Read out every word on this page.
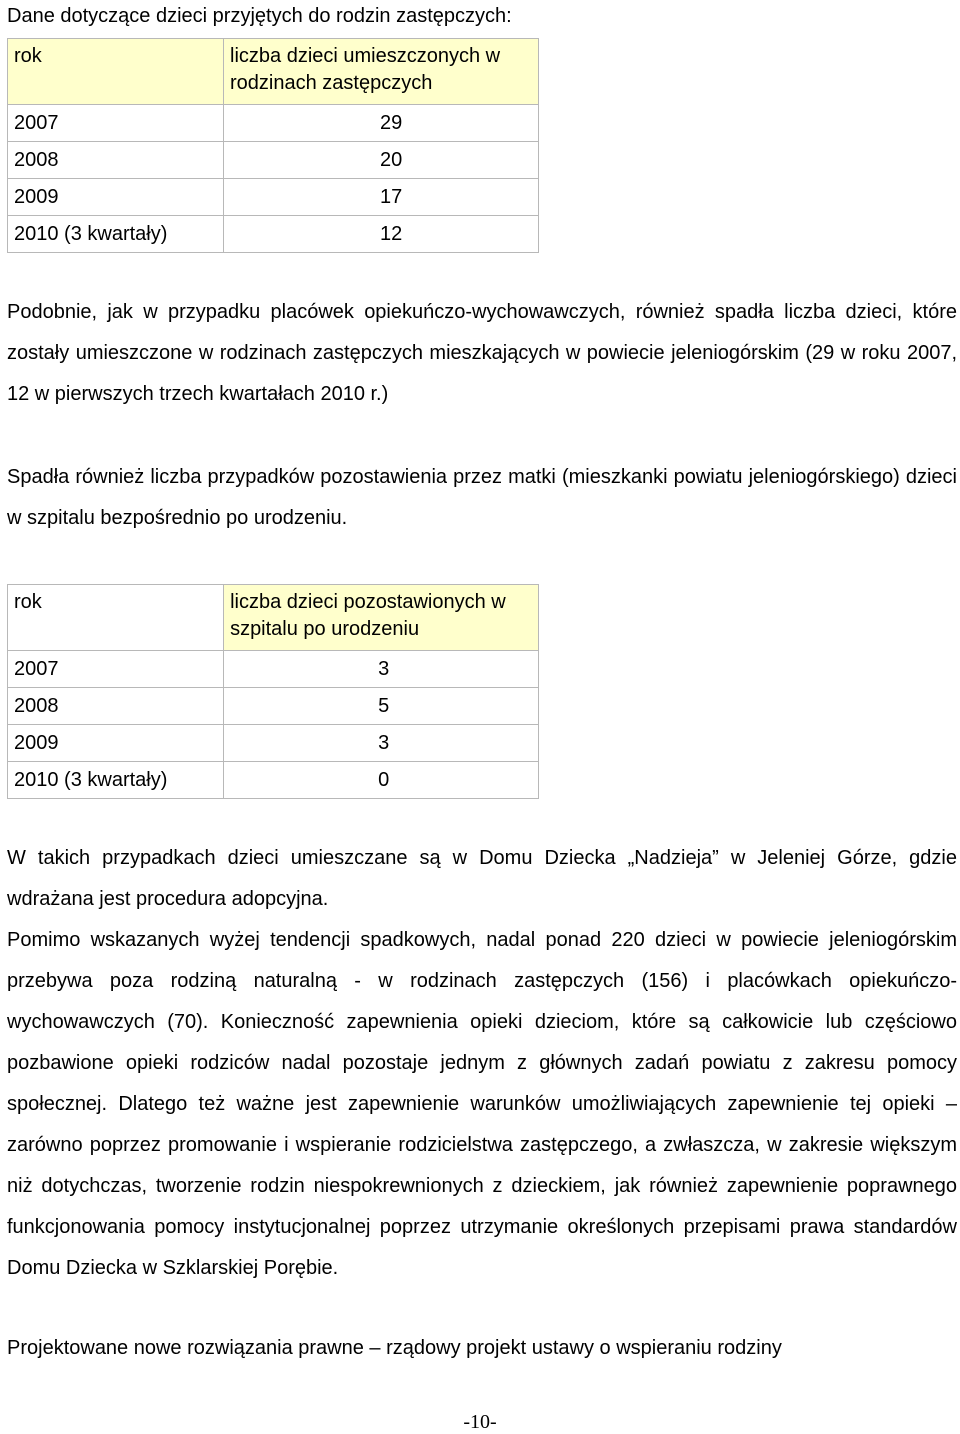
Dane dotyczące dzieci przyjętych do rodzin zastępczych:
rok	liczba dzieci umieszczonych w rodzinach zastępczych
2007	29
2008	20
2009	17
2010 (3 kwartały)	12
Podobnie, jak w przypadku placówek opiekuńczo-wychowawczych, również spadła liczba dzieci, które zostały umieszczone w rodzinach zastępczych mieszkających w powiecie jeleniogórskim (29 w roku 2007, 12 w pierwszych trzech kwartałach 2010 r.)
Spadła również liczba przypadków pozostawienia przez matki (mieszkanki powiatu jeleniogórskiego) dzieci w szpitalu bezpośrednio po urodzeniu.
rok	liczba dzieci pozostawionych w szpitalu po urodzeniu
2007	3
2008	5
2009	3
2010 (3 kwartały)	0
W takich przypadkach dzieci umieszczane są w Domu Dziecka „Nadzieja” w Jeleniej Górze, gdzie wdrażana jest procedura adopcyjna.
Pomimo wskazanych wyżej tendencji spadkowych, nadal ponad 220 dzieci w powiecie jeleniogórskim przebywa poza rodziną naturalną - w rodzinach zastępczych (156) i placówkach opiekuńczo-wychowawczych (70). Konieczność zapewnienia opieki dzieciom, które są całkowicie lub częściowo pozbawione opieki rodziców nadal pozostaje jednym z głównych zadań powiatu z zakresu pomocy społecznej. Dlatego też ważne jest zapewnienie warunków umożliwiających zapewnienie tej opieki – zarówno poprzez promowanie i wspieranie rodzicielstwa zastępczego, a zwłaszcza, w zakresie większym niż dotychczas, tworzenie rodzin niespokrewnionych z dzieckiem, jak również zapewnienie poprawnego funkcjonowania pomocy instytucjonalnej poprzez utrzymanie określonych przepisami prawa standardów Domu Dziecka w Szklarskiej Porębie.
Projektowane nowe rozwiązania prawne – rządowy projekt ustawy o wspieraniu rodziny
-10-
